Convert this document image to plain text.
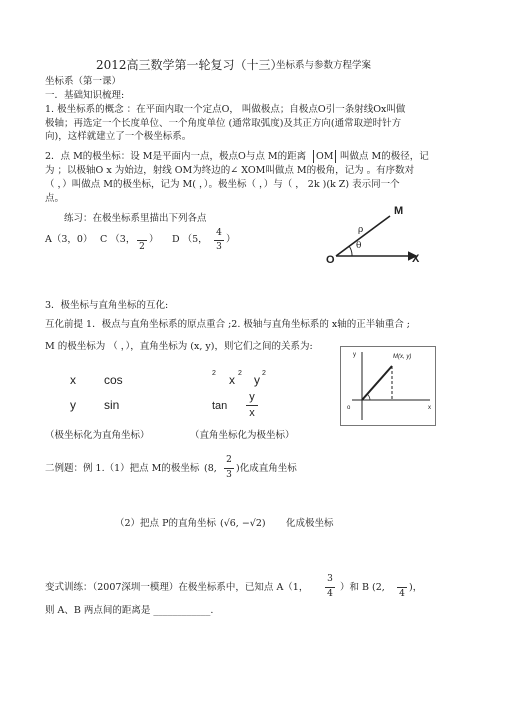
2012高三数学第一轮复习（十三）
坐标系与参数方程学案
坐标系（第一课）
一．基础知识梳理:
1. 极坐标系的概念 ：在平面内取一个定点O， 叫做极点；自极点O引一条射线Ox叫做
极轴；再选定一个长度单位、一个角度单位 (通常取弧度)及其正方向(通常取逆时针方
向)，这样就建立了一个极坐标系。
2．点 M的极坐标：设 M是平面内一点，极点O与点 M的距离 OM 叫做点 M的极径，记
为 ；以极轴O x 为始边，射线 OM为终边的∠ XOM叫做点 M的极角，记为 。有序数对
（ ，）叫做点 M的极坐标，记为 M( ，）。极坐标（ ，）与（ ， 2k )(k Z) 表示同一个
点。
练习：在极坐标系里描出下列各点
A（3，0） C （3，
2
） D （5，
4
3
）
M
ρ
θ
O	X
3．极坐标与直角坐标的互化:
互化前提 1．极点与直角坐标系的原点重合 ;2. 极轴与直角坐标系的 x轴的正半轴重合 ;
M 的极坐标为 （ ，），直角坐标为 (x, y)，则它们之间的关系为:
x cos
y sin
2 x 2 y 2
tan
y
x
（极坐标化为直角坐标）	（直角坐标化为极坐标）
y	M(x, y)
o	x
二例题：例 1.（1）把点 M的极坐标 (8,
2
3
)化成直角坐标
（2）把点 P的直角坐标 (√6, −√2) 化成极坐标
变式训练：（2007深圳一模理）在极坐标系中，已知点 A（1，
3
4
）和 B (2,
4
)，
则 A、B 两点间的距离是 ____________.
